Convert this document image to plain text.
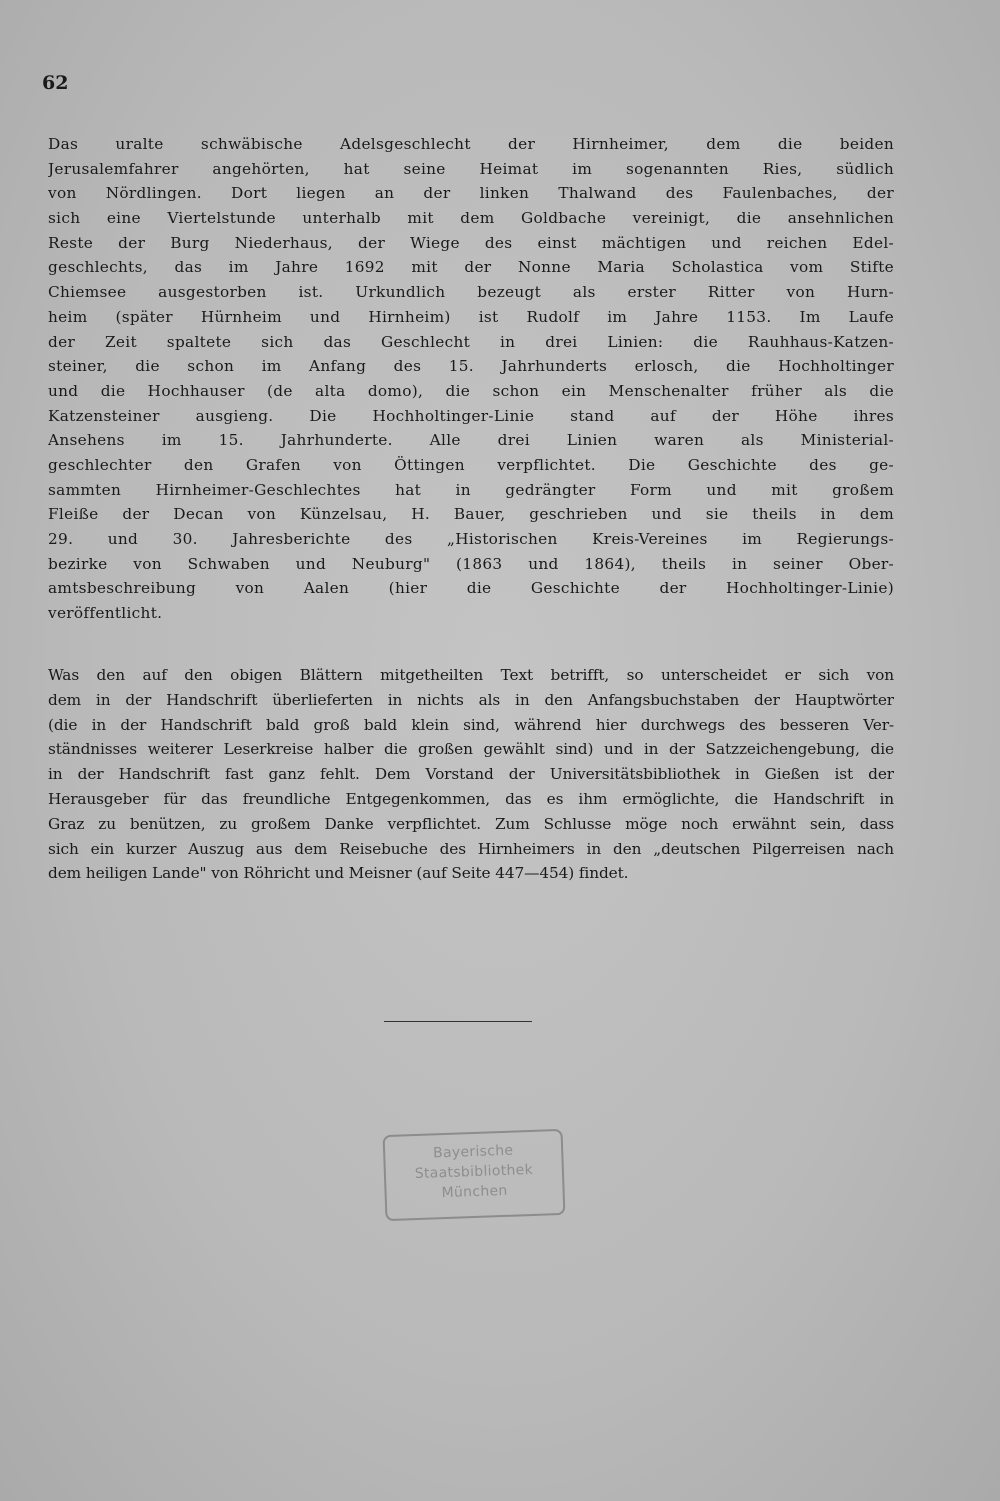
62
Das uralte schwäbische Adelsgeschlecht der Hirnheimer, dem die beiden
Jerusalemfahrer angehörten, hat seine Heimat im sogenannten Ries, südlich
von Nördlingen. Dort liegen an der linken Thalwand des Faulenbaches, der
sich eine Viertelstunde unterhalb mit dem Goldbache vereinigt, die ansehnlichen
Reste der Burg Niederhaus, der Wiege des einst mächtigen und reichen Edel-
geschlechts, das im Jahre 1692 mit der Nonne Maria Scholastica vom Stifte
Chiemsee ausgestorben ist. Urkundlich bezeugt als erster Ritter von Hurn-
heim (später Hürnheim und Hirnheim) ist Rudolf im Jahre 1153. Im Laufe
der Zeit spaltete sich das Geschlecht in drei Linien: die Rauhhaus-Katzen-
steiner, die schon im Anfang des 15. Jahrhunderts erlosch, die Hochholtinger
und die Hochhauser (de alta domo), die schon ein Menschenalter früher als die
Katzensteiner ausgieng. Die Hochholtinger-Linie stand auf der Höhe ihres
Ansehens im 15. Jahrhunderte. Alle drei Linien waren als Ministerial-
geschlechter den Grafen von Öttingen verpflichtet. Die Geschichte des ge-
sammten Hirnheimer-Geschlechtes hat in gedrängter Form und mit großem
Fleiße der Decan von Künzelsau, H. Bauer, geschrieben und sie theils in dem
29. und 30. Jahresberichte des „Historischen Kreis-Vereines im Regierungs-
bezirke von Schwaben und Neuburg" (1863 und 1864), theils in seiner Ober-
amtsbeschreibung von Aalen (hier die Geschichte der Hochholtinger-Linie)
veröffentlicht.
Was den auf den obigen Blättern mitgetheilten Text betrifft, so unterscheidet er sich von
dem in der Handschrift überlieferten in nichts als in den Anfangsbuchstaben der Hauptwörter
(die in der Handschrift bald groß bald klein sind, während hier durchwegs des besseren Ver-
ständnisses weiterer Leserkreise halber die großen gewählt sind) und in der Satzzeichengebung, die
in der Handschrift fast ganz fehlt. Dem Vorstand der Universitätsbibliothek in Gießen ist der
Herausgeber für das freundliche Entgegenkommen, das es ihm ermöglichte, die Handschrift in
Graz zu benützen, zu großem Danke verpflichtet. Zum Schlusse möge noch erwähnt sein, dass
sich ein kurzer Auszug aus dem Reisebuche des Hirnheimers in den „deutschen Pilgerreisen nach
dem heiligen Lande" von Röhricht und Meisner (auf Seite 447—454) findet.
Bayerische
Staatsbibliothek
München
